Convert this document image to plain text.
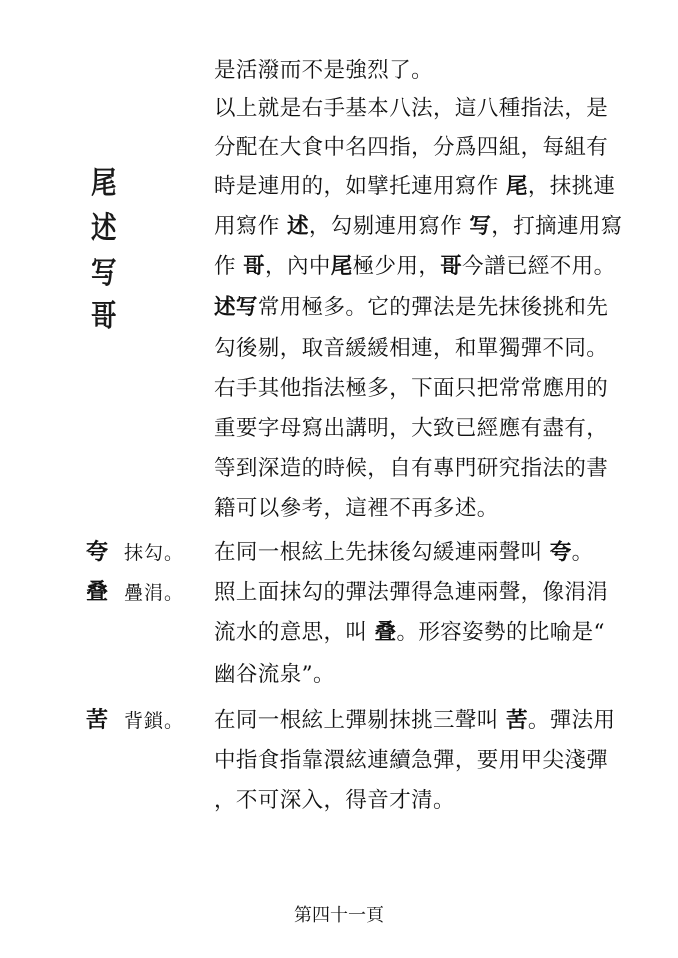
尾
述
写
哥
是活潑而不是強烈了。
以上就是右手基本八法，這八種指法，是
分配在大食中名四指，分爲四組，每組有
時是連用的，如擘托連用寫作 尾，抹挑連
用寫作 述，勾剔連用寫作 写，打摘連用寫
作 哥，內中尾極少用，哥今譜已經不用。
述写常用極多。它的彈法是先抹後挑和先
勾後剔，取音緩緩相連，和單獨彈不同。
右手其他指法極多，下面只把常常應用的
重要字母寫出講明，大致已經應有盡有，
等到深造的時候，自有專門研究指法的書
籍可以參考，這裡不再多述。
夸 抹勾。 在同一根絃上先抹後勾緩連兩聲叫 夸。
叠 疊涓。 照上面抹勾的彈法彈得急連兩聲，像涓涓
流水的意思，叫 叠。形容姿勢的比喻是“
幽谷流泉”。
䒷 背鎖。 在同一根絃上彈剔抹挑三聲叫 䒷。彈法用
中指食指靠澴絃連續急彈，要用甲尖淺彈
，不可深入，得音才清。
第四十一頁
